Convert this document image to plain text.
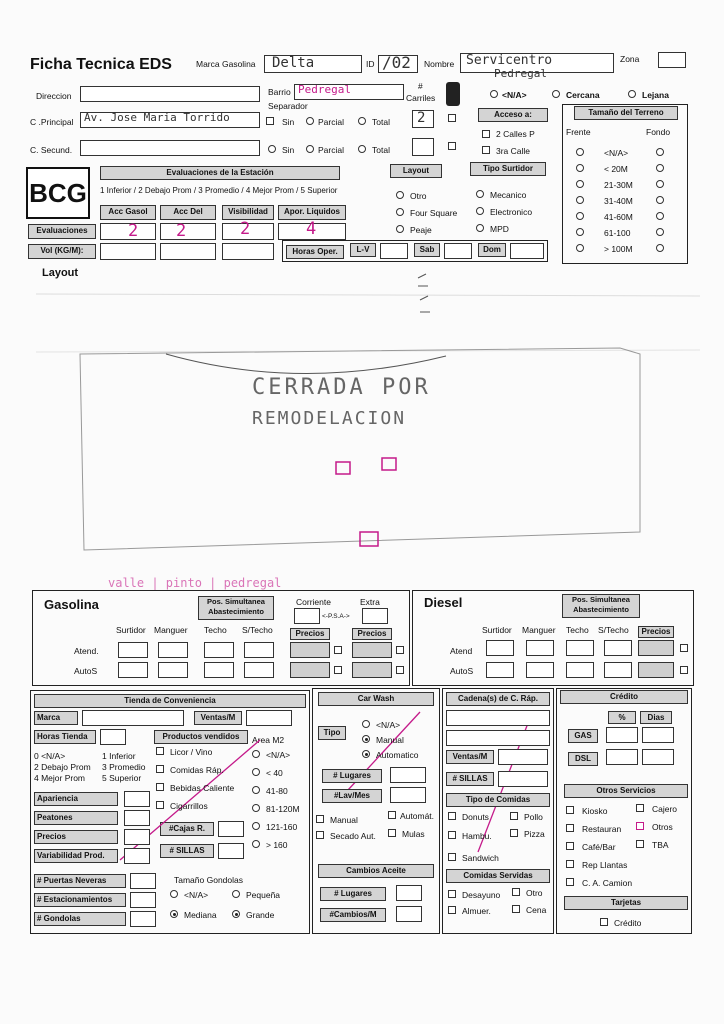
Ficha Tecnica EDS	Marca Gasolina Delta	ID /02 Nombre Servicentro
Pedregal
Zona
Direccion	Barrio Pedregal
Separador
#
Carriles
C .Principal Av. Jose Maria Torrido	Sin	Parcial	Total 2
C. Secund.	Sin	Parcial	Total
<N/A>	Cercana	Lejana
Acceso a:
2 Calles P
3ra Calle
Tamaño del Terreno
Frente	Fondo
BCG
Evaluaciones de la Estación
1 Inferior / 2 Debajo Prom / 3 Promedio / 4 Mejor Prom / 5 Superior
Acc Gasol	Acc Del	Visibilidad	Apor. Liquidos
Evaluaciones
Vol (KG/M):
2 2	2	4
Layout
Otro
Four Square
Peaje
Tipo Surtidor
Mecanico
Electronico
MPD
Horas Oper.	L-V	Sab	Dom
Layout
CERRADA POR
REMODELACION
valle | pinto | pedregal
Gasolina	Pos. Simultanea Abastecimiento
Corriente	Extra
<-P.S.A->
Surtidor Manguer Techo S/Techo	Precios	Precios
Atend.
AutoS
Diesel	Pos. Simultanea Abastecimiento
Surtidor Manguer Techo S/Techo	Precios
Atend
AutoS
Tienda de Conveniencia
Marca	Ventas/M
Horas Tienda	Productos vendidos	Area M2
0 <N/A>	1 Inferior
2 Debajo Prom 3 Promedio
4 Mejor Prom 5 Superior
#Cajas R.
# SILLAS
# Puertas Neveras
# Estacionamientos
# Gondolas
Tamaño Gondolas
<N/A>	Pequeña
Mediana	Grande
Car Wash
Tipo
<N/A>
Manual
Automatico
# Lugares
#Lav/Mes
Manual	Automát.
Secado Aut.	Mulas
Cambios Aceite
# Lugares
#Cambios/M
Cadena(s) de C. Ráp.
Ventas/M
# SILLAS
Tipo de Comidas
Donuts	Pollo
Hambu.	Pizza
Sandwich
Comidas Servidas
Desayuno	Otro
Almuer.	Cena
Crédito
%	Dias
GAS
DSL
Otros Servicios
Kiosko	Cajero
Restauran	Otros
Café/Bar	TBA
Rep Llantas
C. A. Camion
Tarjetas
Crédito
<N/A>
< 20M
21-30M
31-40M
41-60M
61-100
> 100M
Licor / Vino
Comidas Ráp.
Bebidas Caliente
Cigarrillos
<N/A>
< 40
41-80
81-120M
121-160
> 160
Apariencia
Peatones
Precios
Variabilidad Prod.
